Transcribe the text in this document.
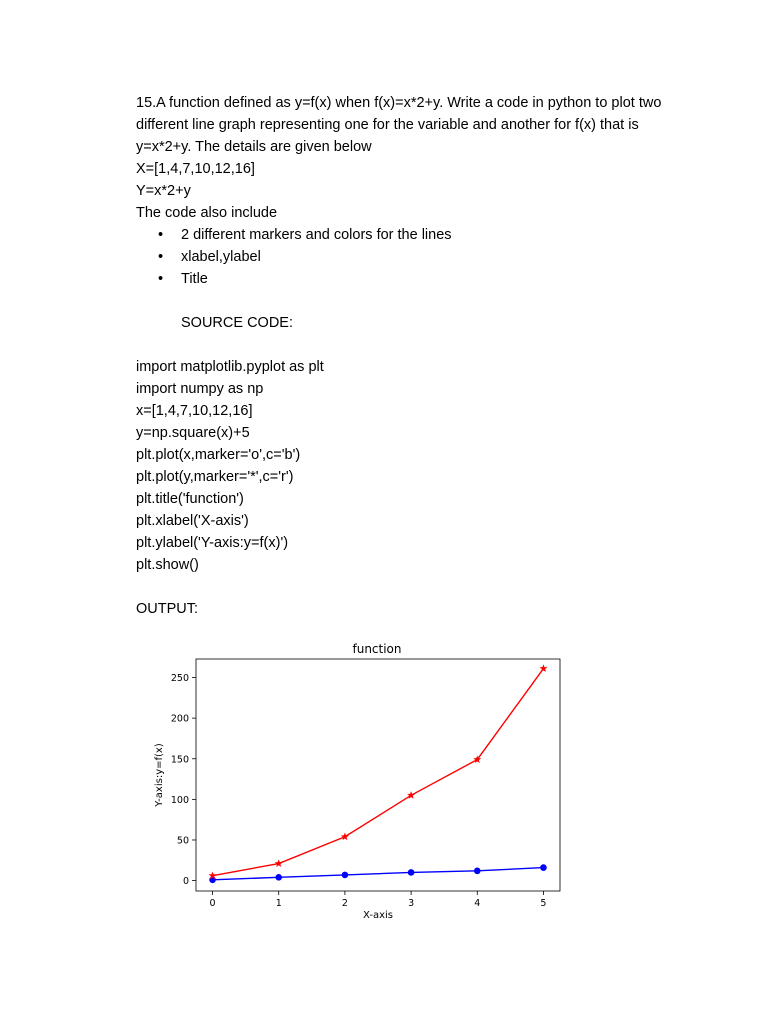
15.A function defined as y=f(x) when f(x)=x*2+y. Write a code in python to plot two

different line graph representing one for the variable and another for f(x) that is

y=x*2+y. The details are given below

X=[1,4,7,10,12,16]

Y=x*2+y

The code also include

• 2 different markers and colors for the lines
• xlabel,ylabel
• Title

SOURCE CODE:

import matplotlib.pyplot as plt

import numpy as np

x=[1,4,7,10,12,16]

y=np.square(x)+5

plt.plot(x,marker='o',c='b')

plt.plot(y,marker='*',c='r')

plt.title('function')

plt.xlabel('X-axis')

plt.ylabel('Y-axis:y=f(x)')

plt.show()

OUTPUT:

function
0	1	2	3	4	5
0
50
100
150
200
250
X-axis
Y-axis:y=f(x)
